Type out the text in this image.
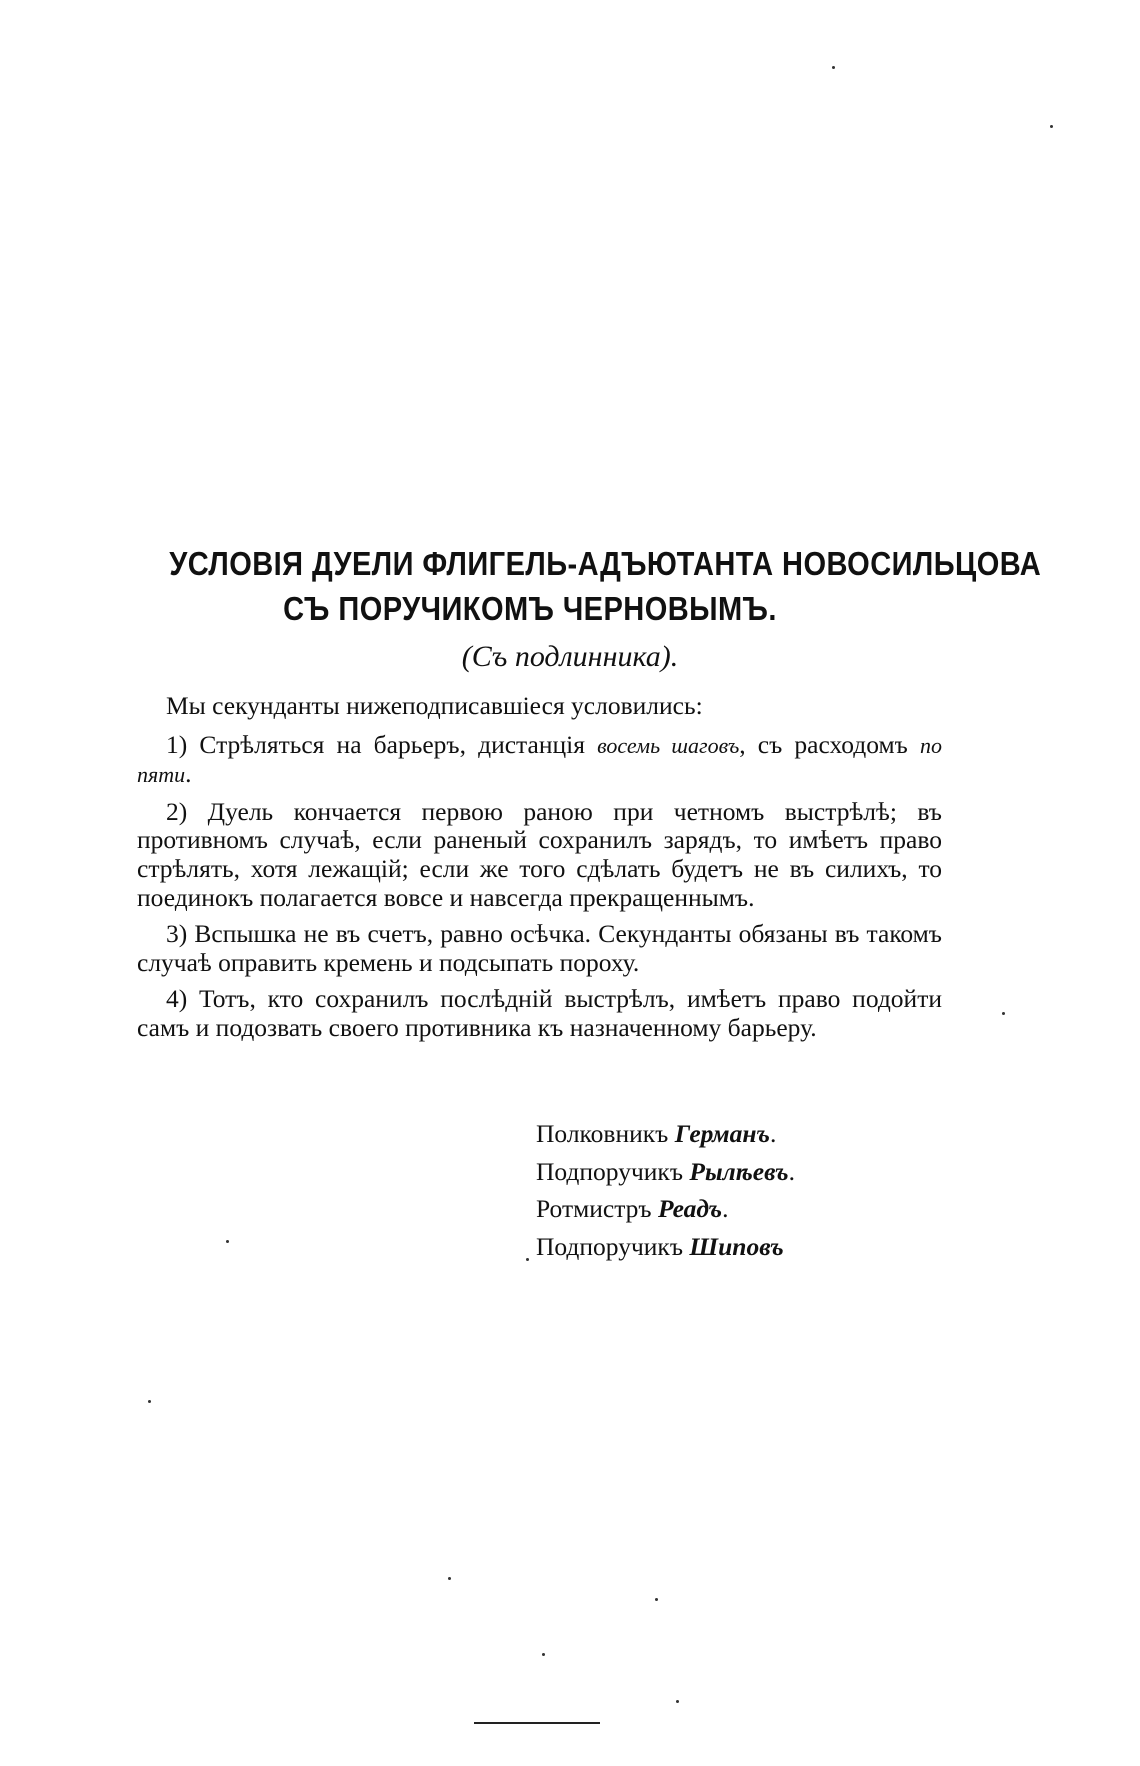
УСЛОВІЯ ДУЕЛИ ФЛИГЕЛЬ-АДЪЮТАНТА НОВОСИЛЬЦОВА
СЪ ПОРУЧИКОМЪ ЧЕРНОВЫМЪ.
(Съ подлинника).

Мы секунданты нижеподписавшіеся условились:

1) Стрѣляться на барьеръ, дистанція восемь шаговъ, съ расходомъ по пяти.

2) Дуель кончается первою раною при четномъ выстрѣлѣ; въ противномъ случаѣ, если раненый сохранилъ зарядъ, то имѣетъ право стрѣлять, хотя лежащій; если же того сдѣлать будетъ не въ силихъ, то поединокъ полагается вовсе и навсегда прекращеннымъ.

3) Вспышка не въ счетъ, равно осѣчка. Секунданты обязаны въ такомъ случаѣ оправить кремень и подсыпать пороху.

4) Тотъ, кто сохранилъ послѣдній выстрѣлъ, имѣетъ право подойти самъ и подозвать своего противника къ назначенному барьеру.

Полковникъ Германъ.
Подпоручикъ Рылѣевъ.
Ротмистръ Реадъ.
Подпоручикъ Шиповъ
